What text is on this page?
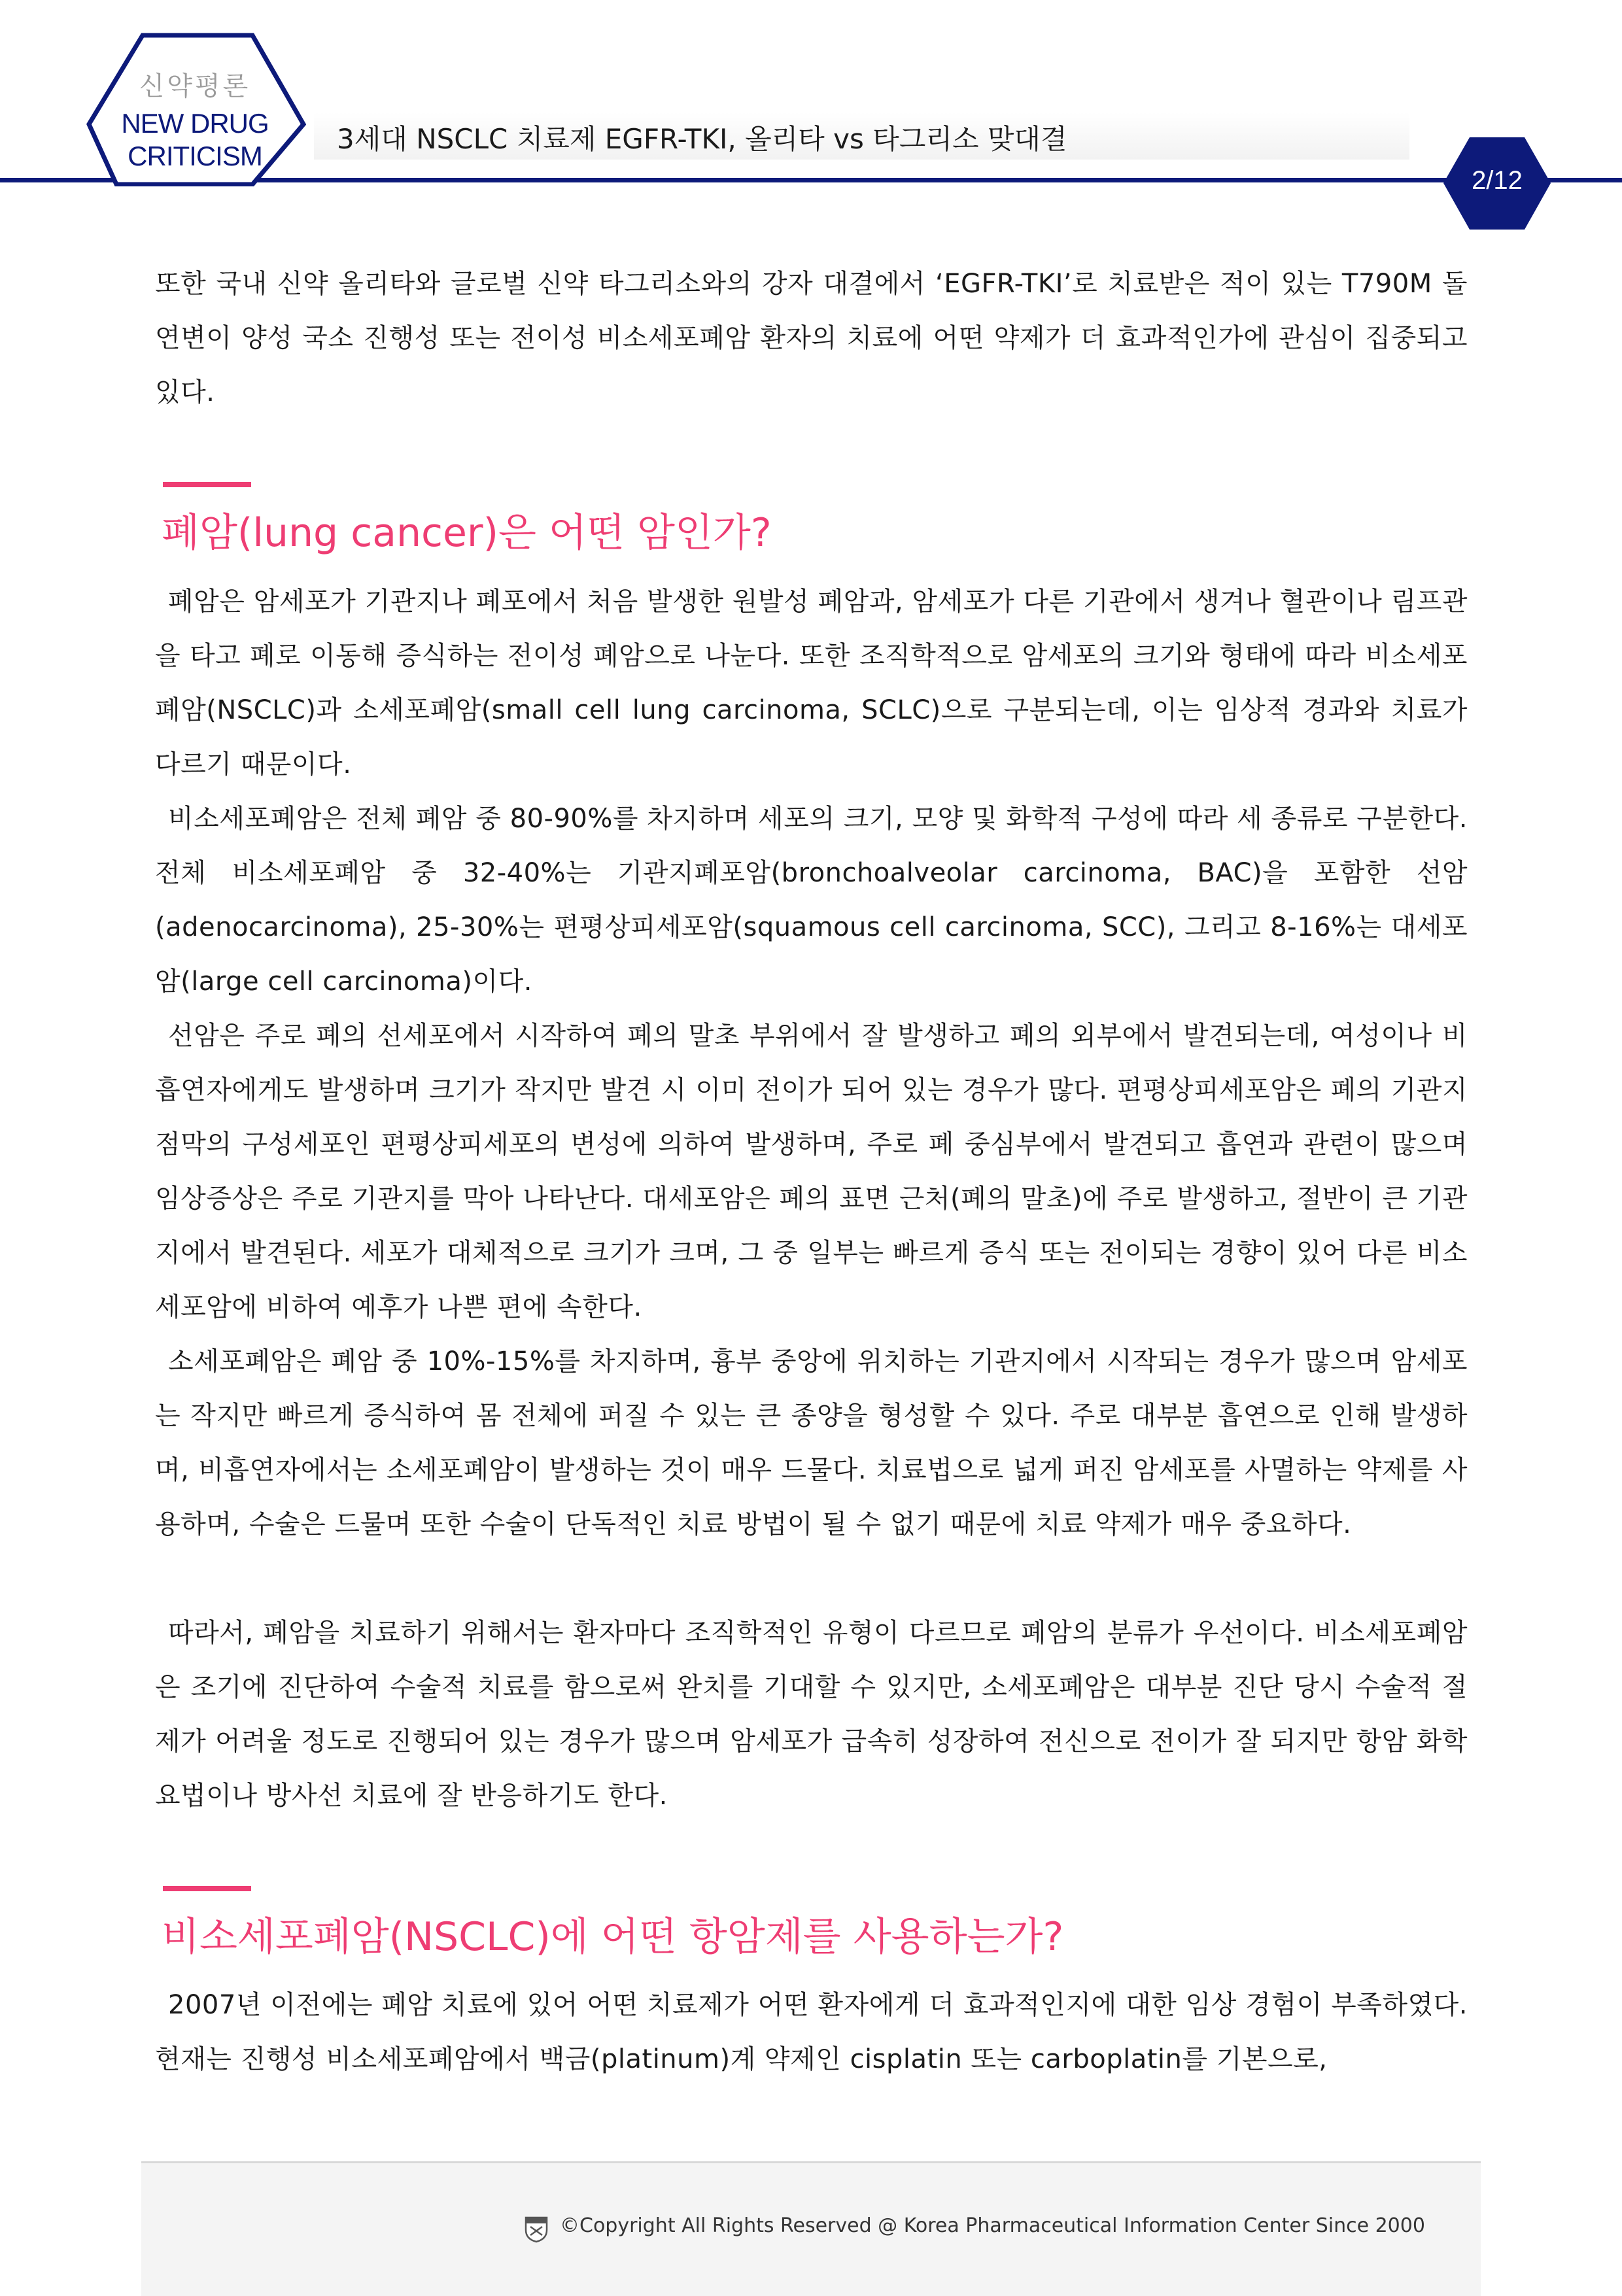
신약평론
NEW DRUG
CRITICISM
3세대 NSCLC 치료제 EGFR-TKI, 올리타 vs 타그리소 맞대결
2/12

또한 국내 신약 올리타와 글로벌 신약 타그리소와의 강자 대결에서 ‘EGFR-TKI’로 치료받은 적이 있는 T790M 돌연변이 양성 국소 진행성 또는 전이성 비소세포폐암 환자의 치료에 어떤 약제가 더 효과적인가에 관심이 집중되고 있다.

폐암(lung cancer)은 어떤 암인가?

폐암은 암세포가 기관지나 폐포에서 처음 발생한 원발성 폐암과, 암세포가 다른 기관에서 생겨나 혈관이나 림프관을 타고 폐로 이동해 증식하는 전이성 폐암으로 나눈다. 또한 조직학적으로 암세포의 크기와 형태에 따라 비소세포폐암(NSCLC)과 소세포폐암(small cell lung carcinoma, SCLC)으로 구분되는데, 이는 임상적 경과와 치료가 다르기 때문이다.

비소세포폐암은 전체 폐암 중 80-90%를 차지하며 세포의 크기, 모양 및 화학적 구성에 따라 세 종류로 구분한다. 전체 비소세포폐암 중 32-40%는 기관지폐포암(bronchoalveolar carcinoma, BAC)을 포함한 선암(adenocarcinoma), 25-30%는 편평상피세포암(squamous cell carcinoma, SCC), 그리고 8-16%는 대세포암(large cell carcinoma)이다.

선암은 주로 폐의 선세포에서 시작하여 폐의 말초 부위에서 잘 발생하고 폐의 외부에서 발견되는데, 여성이나 비흡연자에게도 발생하며 크기가 작지만 발견 시 이미 전이가 되어 있는 경우가 많다. 편평상피세포암은 폐의 기관지 점막의 구성세포인 편평상피세포의 변성에 의하여 발생하며, 주로 폐 중심부에서 발견되고 흡연과 관련이 많으며 임상증상은 주로 기관지를 막아 나타난다. 대세포암은 폐의 표면 근처(폐의 말초)에 주로 발생하고, 절반이 큰 기관지에서 발견된다. 세포가 대체적으로 크기가 크며, 그 중 일부는 빠르게 증식 또는 전이되는 경향이 있어 다른 비소세포암에 비하여 예후가 나쁜 편에 속한다.

소세포폐암은 폐암 중 10%-15%를 차지하며, 흉부 중앙에 위치하는 기관지에서 시작되는 경우가 많으며 암세포는 작지만 빠르게 증식하여 몸 전체에 퍼질 수 있는 큰 종양을 형성할 수 있다. 주로 대부분 흡연으로 인해 발생하며, 비흡연자에서는 소세포폐암이 발생하는 것이 매우 드물다. 치료법으로 넓게 퍼진 암세포를 사멸하는 약제를 사용하며, 수술은 드물며 또한 수술이 단독적인 치료 방법이 될 수 없기 때문에 치료 약제가 매우 중요하다.

따라서, 폐암을 치료하기 위해서는 환자마다 조직학적인 유형이 다르므로 폐암의 분류가 우선이다. 비소세포폐암은 조기에 진단하여 수술적 치료를 함으로써 완치를 기대할 수 있지만, 소세포폐암은 대부분 진단 당시 수술적 절제가 어려울 정도로 진행되어 있는 경우가 많으며 암세포가 급속히 성장하여 전신으로 전이가 잘 되지만 항암 화학요법이나 방사선 치료에 잘 반응하기도 한다.

비소세포폐암(NSCLC)에 어떤 항암제를 사용하는가?

2007년 이전에는 폐암 치료에 있어 어떤 치료제가 어떤 환자에게 더 효과적인지에 대한 임상 경험이 부족하였다. 현재는 진행성 비소세포폐암에서 백금(platinum)계 약제인 cisplatin 또는 carboplatin를 기본으로,

©Copyright All Rights Reserved @ Korea Pharmaceutical Information Center Since 2000
